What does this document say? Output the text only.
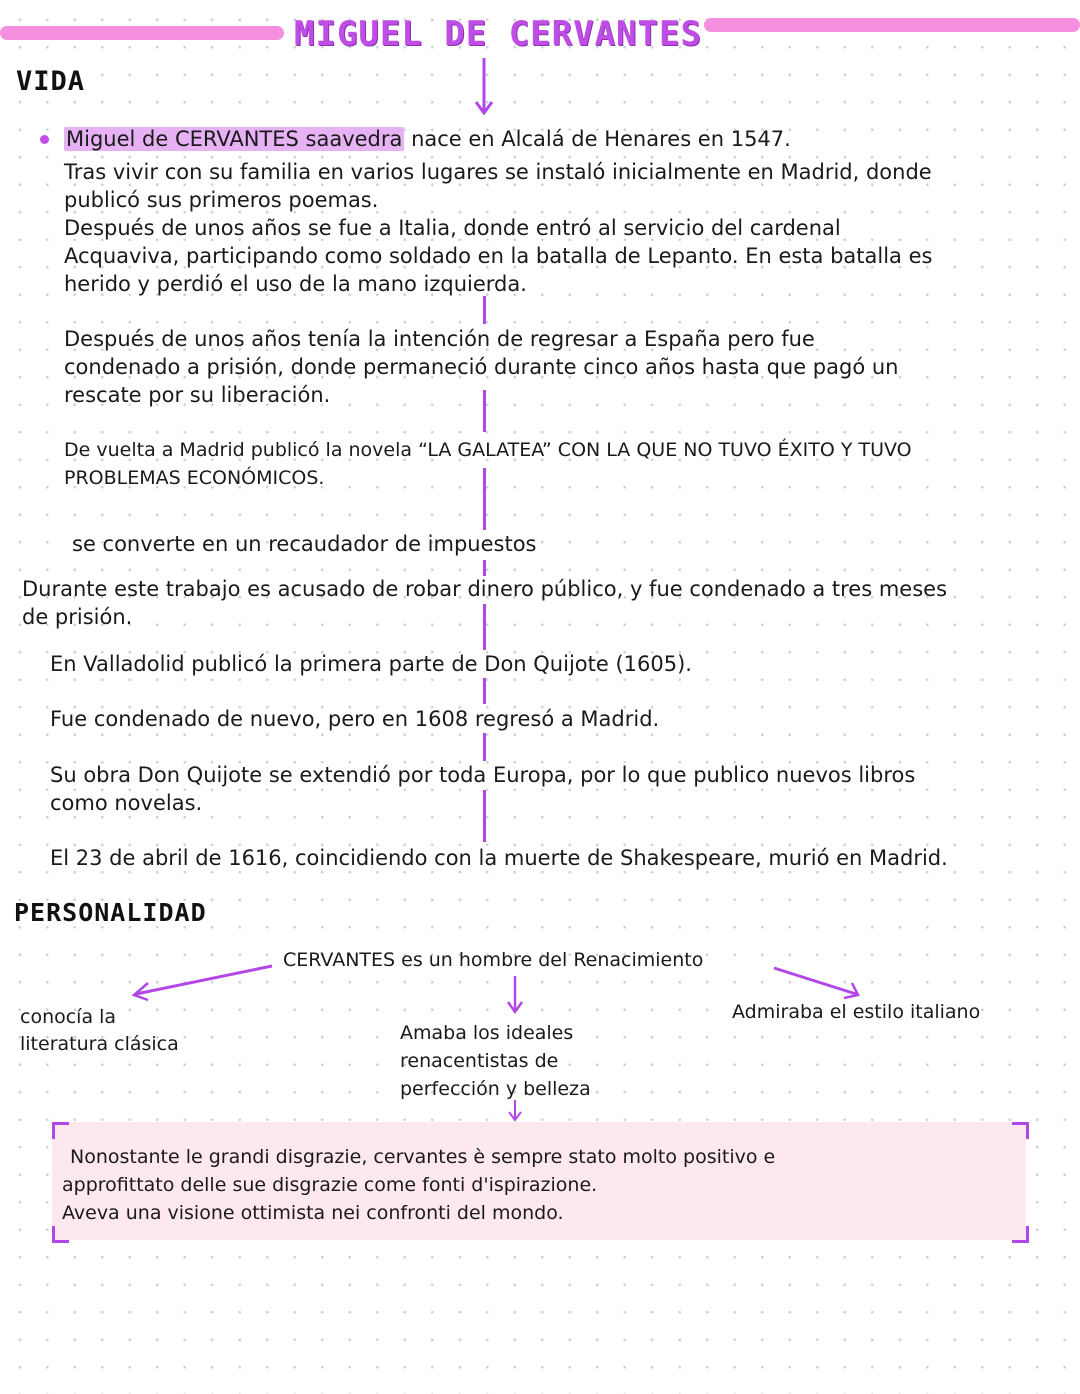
MIGUEL DE CERVANTES
VIDA
Miguel de CERVANTES saavedra nace en Alcalá de Henares en 1547.
Tras vivir con su familia en varios lugares se instaló inicialmente en Madrid, donde
publicó sus primeros poemas.
Después de unos años se fue a Italia, donde entró al servicio del cardenal
Acquaviva, participando como soldado en la batalla de Lepanto. En esta batalla es
herido y perdió el uso de la mano izquierda.
Después de unos años tenía la intención de regresar a España pero fue
condenado a prisión, donde permaneció durante cinco años hasta que pagó un
rescate por su liberación.
De vuelta a Madrid publicó la novela “LA GALATEA” CON LA QUE NO TUVO ÉXITO Y TUVO
PROBLEMAS ECONÓMICOS.
se converte en un recaudador de impuestos
Durante este trabajo es acusado de robar dinero público, y fue condenado a tres meses
de prisión.
En Valladolid publicó la primera parte de Don Quijote (1605).
Fue condenado de nuevo, pero en 1608 regresó a Madrid.
Su obra Don Quijote se extendió por toda Europa, por lo que publico nuevos libros
como novelas.
El 23 de abril de 1616, coincidiendo con la muerte de Shakespeare, murió en Madrid.
PERSONALIDAD
CERVANTES es un hombre del Renacimiento
conocía la
literatura clásica	Amaba los ideales
renacentistas de
perfección y belleza
Admiraba el estilo italiano
Nonostante le grandi disgrazie, cervantes è sempre stato molto positivo e
approfittato delle sue disgrazie come fonti d'ispirazione.
Aveva una visione ottimista nei confronti del mondo.
